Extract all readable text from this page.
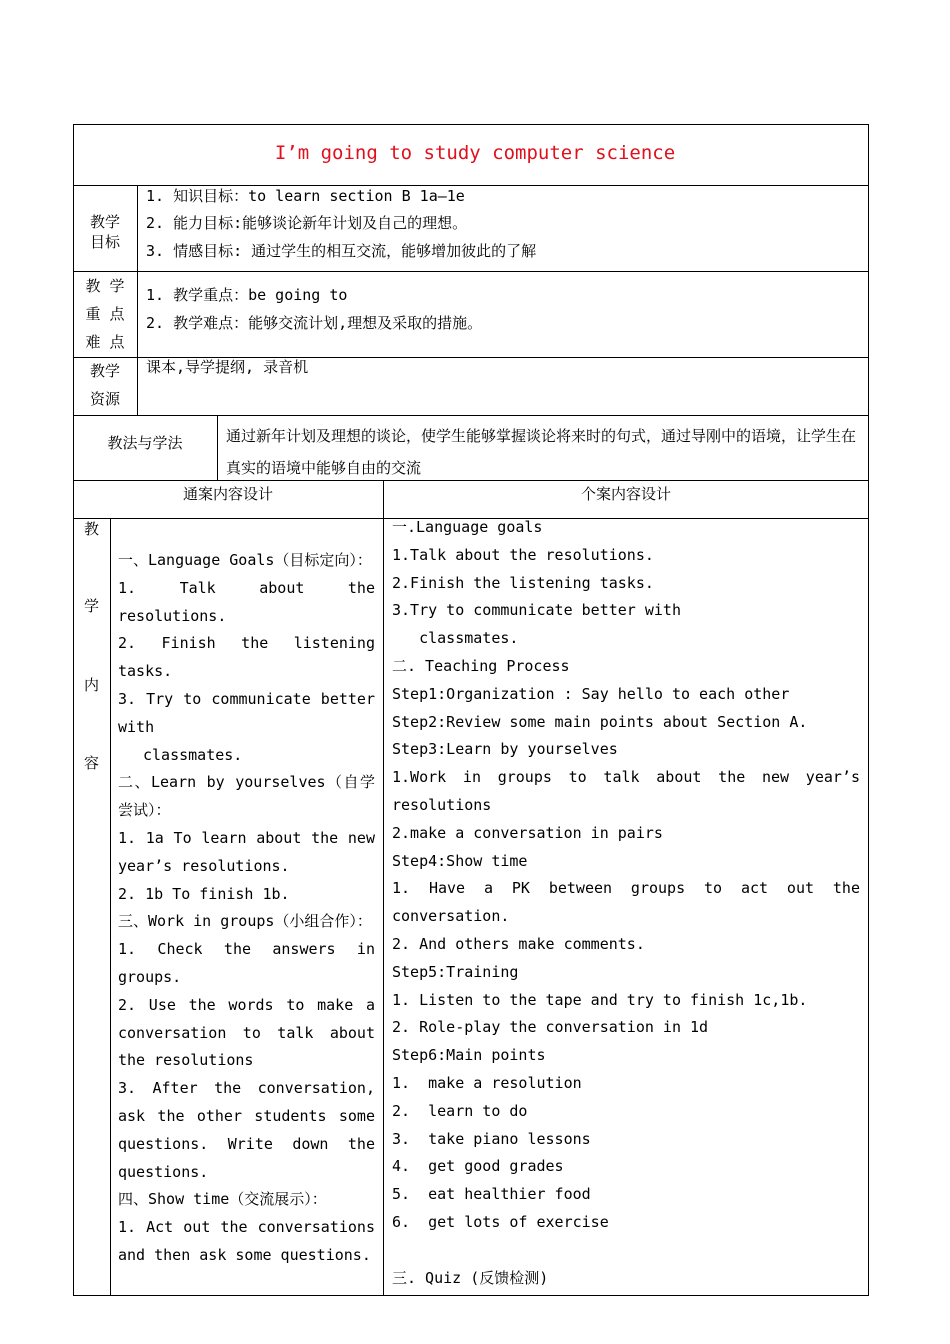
I’m going to study computer science
教学
目标
1. 知识目标：to learn section B 1a—1e
2. 能力目标:能够谈论新年计划及自己的理想。
3. 情感目标: 通过学生的相互交流，能够增加彼此的了解
教 学
重 点
难 点
1. 教学重点：be going to
2. 教学难点：能够交流计划,理想及采取的措施。
教学
资源
课本,导学提纲, 录音机
教法与学法	通过新年计划及理想的谈论，使学生能够掌握谈论将来时的句式，通过导刚中的语境，让学生在真实的语境中能够自由的交流
通案内容设计	个案内容设计
教
学
内
容
一、Language Goals（目标定向）：
1. Talk about the resolutions.
2. Finish the listening tasks.
3. Try to communicate better with
classmates.
二、Learn by yourselves（自学尝试）：
1. 1a To learn about the new year’s resolutions.
2. 1b To finish 1b.
三、Work in groups（小组合作）：
1. Check the answers in groups.
2. Use the words to make a conversation to talk about the resolutions
3. After the conversation, ask the other students some questions. Write down the questions.
四、Show time（交流展示）：
1. Act out the conversations and then ask some questions.
一.Language goals
1.Talk about the resolutions.
2.Finish the listening tasks.
3.Try to communicate better with
classmates.
二. Teaching Process
Step1:Organization : Say hello to each other
Step2:Review some main points about Section A.
Step3:Learn by yourselves
1.Work in groups to talk about the new year’s resolutions
2.make a conversation in pairs
Step4:Show time
1. Have a PK between groups to act out the conversation.
2. And others make comments.
Step5:Training
1. Listen to the tape and try to finish 1c,1b.
2. Role-play the conversation in 1d
Step6:Main points
1.  make a resolution
2.  learn to do
3.  take piano lessons
4.  get good grades
5.  eat healthier food
6.  get lots of exercise
三. Quiz (反馈检测)
